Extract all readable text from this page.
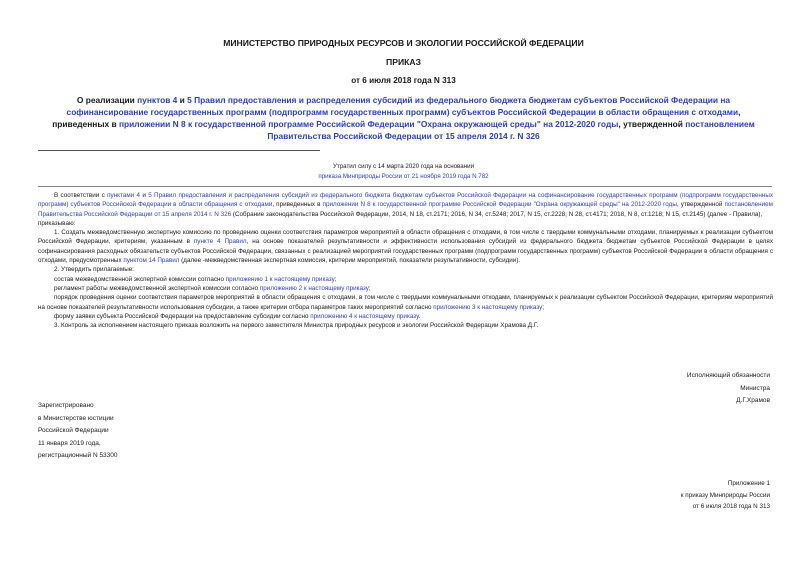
МИНИСТЕРСТВО ПРИРОДНЫХ РЕСУРСОВ И ЭКОЛОГИИ РОССИЙСКОЙ ФЕДЕРАЦИИ
ПРИКАЗ
от 6 июля 2018 года N 313
О реализации пунктов 4 и 5 Правил предоставления и распределения субсидий из федерального бюджета бюджетам субъектов Российской Федерации на софинансирование государственных программ (подпрограмм государственных программ) субъектов Российской Федерации в области обращения с отходами, приведенных в приложении N 8 к государственной программе Российской Федерации "Охрана окружающей среды" на 2012-2020 годы, утвержденной постановлением Правительства Российской Федерации от 15 апреля 2014 г. N 326
Утратил силу с 14 марта 2020 года на основании
приказа Минприроды России от 21 ноября 2019 года N 782

В соответствии с пунктами 4 и 5 Правил предоставления и распределения субсидий из федерального бюджета бюджетам субъектов Российской Федерации на софинансирование государственных программ (подпрограмм государственных программ) субъектов Российской Федерации в области обращения с отходами, приведенных в приложении N 8 к государственной программе Российской Федерации "Охрана окружающей среды" на 2012-2020 годы, утвержденной постановлением Правительства Российской Федерации от 15 апреля 2014 г. N 326 (Собрание законодательства Российской Федерации, 2014, N 18, ст.2171; 2016, N 34, ст.5248; 2017, N 15, ст.2228; N 28, ст.4171; 2018, N 8, ст.1218; N 15, ст.2145) (далее - Правила),

приказываю:

1. Создать межведомственную экспертную комиссию по проведению оценки соответствия параметров мероприятий в области обращения с отходами, в том числе с твердыми коммунальными отходами, планируемых к реализации субъектом Российской Федерации, критериям, указанным в пункте 4 Правил, на основе показателей результативности и эффективности использования субсидий из федерального бюджета бюджетам субъектов Российской Федерации в целях софинансирования расходных обязательств субъектов Российской Федерации, связанных с реализацией мероприятий государственных программ (подпрограмм государственных программ) субъектов Российской Федерации в области обращения с отходами, предусмотренных пунктом 14 Правил (далее -межведомственная экспертная комиссия, критерии мероприятий, показатели результативности, субсидии).

2. Утвердить прилагаемые:

состав межведомственной экспертной комиссии согласно приложению 1 к настоящему приказу;

регламент работы межведомственной экспертной комиссии согласно приложению 2 к настоящему приказу;

порядок проведения оценки соответствия параметров мероприятий в области обращения с отходами, в том числе с твердыми коммунальными отходами, планируемых к реализации субъектом Российской Федерации, критериям мероприятий на основе показателей результативности использования субсидии, а также критерии отбора параметров таких мероприятий согласно приложению 3 к настоящему приказу;

форму заявки субъекта Российской Федерации на предоставление субсидии согласно приложению 4 к настоящему приказу.

3. Контроль за исполнением настоящего приказа возложить на первого заместителя Министра природных ресурсов и экологии Российской Федерации Храмова Д.Г.

Исполняющий обязанности
Министра
Д.Г.Храмов
Зарегистрировано
в Министерстве юстиции
Российской Федерации
11 января 2019 года,
регистрационный N 53300
Приложение 1
к приказу Минприроды России
от 6 июля 2018 года N 313
